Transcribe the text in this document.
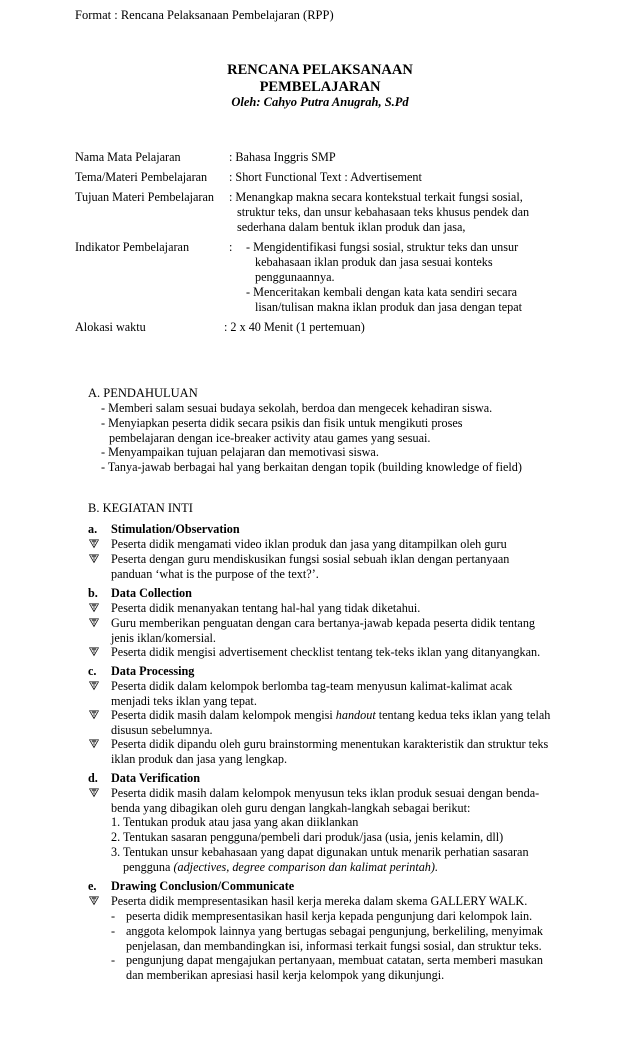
Format : Rencana Pelaksanaan Pembelajaran (RPP)
RENCANA PELAKSANAAN
PEMBELAJARAN
Oleh: Cahyo Putra Anugrah, S.Pd
Nama Mata Pelajaran	: Bahasa Inggris SMP
Tema/Materi Pembelajaran : Short Functional Text : Advertisement
Tujuan Materi Pembelajaran : Menangkap makna secara kontekstual terkait fungsi sosial, struktur teks, dan unsur kebahasaan teks khusus pendek dan sederhana dalam bentuk iklan produk dan jasa,
Indikator Pembelajaran	: - Mengidentifikasi fungsi sosial, struktur teks dan unsur kebahasaan iklan produk dan jasa sesuai konteks penggunaannya.
- Menceritakan kembali dengan kata kata sendiri secara lisan/tulisan makna iklan produk dan jasa dengan tepat
Alokasi waktu	: 2 x 40 Menit (1 pertemuan)
A. PENDAHULUAN
- Memberi salam sesuai budaya sekolah, berdoa dan mengecek kehadiran siswa.
- Menyiapkan peserta didik secara psikis dan fisik untuk mengikuti proses pembelajaran dengan ice-breaker activity atau games yang sesuai.
- Menyampaikan tujuan pelajaran dan memotivasi siswa.
- Tanya-jawab berbagai hal yang berkaitan dengan topik (building knowledge of field)
B. KEGIATAN INTI
a. Stimulation/Observation
⮗ Peserta didik mengamati video iklan produk dan jasa yang ditampilkan oleh guru
⮗ Peserta dengan guru mendiskusikan fungsi sosial sebuah iklan dengan pertanyaan panduan ‘what is the purpose of the text?’.
b. Data Collection
⮗ Peserta didik menanyakan tentang hal-hal yang tidak diketahui.
⮗ Guru memberikan penguatan dengan cara bertanya-jawab kepada peserta didik tentang jenis iklan/komersial.
⮗ Peserta didik mengisi advertisement checklist tentang tek-teks iklan yang ditanyangkan.
c. Data Processing
⮗ Peserta didik dalam kelompok berlomba tag-team menyusun kalimat-kalimat acak menjadi teks iklan yang tepat.
⮗ Peserta didik masih dalam kelompok mengisi handout tentang kedua teks iklan yang telah disusun sebelumnya.
⮗ Peserta didik dipandu oleh guru brainstorming menentukan karakteristik dan struktur teks iklan produk dan jasa yang lengkap.
d. Data Verification
⮗ Peserta didik masih dalam kelompok menyusun teks iklan produk sesuai dengan benda-benda yang dibagikan oleh guru dengan langkah-langkah sebagai berikut:
1. Tentukan produk atau jasa yang akan diiklankan
2. Tentukan sasaran pengguna/pembeli dari produk/jasa (usia, jenis kelamin, dll)
3. Tentukan unsur kebahasaan yang dapat digunakan untuk menarik perhatian sasaran pengguna (adjectives, degree comparison dan kalimat perintah).
e. Drawing Conclusion/Communicate
⮗ Peserta didik mempresentasikan hasil kerja mereka dalam skema GALLERY WALK.
- peserta didik mempresentasikan hasil kerja kepada pengunjung dari kelompok lain.
- anggota kelompok lainnya yang bertugas sebagai pengunjung, berkeliling, menyimak penjelasan, dan membandingkan isi, informasi terkait fungsi sosial, dan struktur teks.
- pengunjung dapat mengajukan pertanyaan, membuat catatan, serta memberi masukan dan memberikan apresiasi hasil kerja kelompok yang dikunjungi.
